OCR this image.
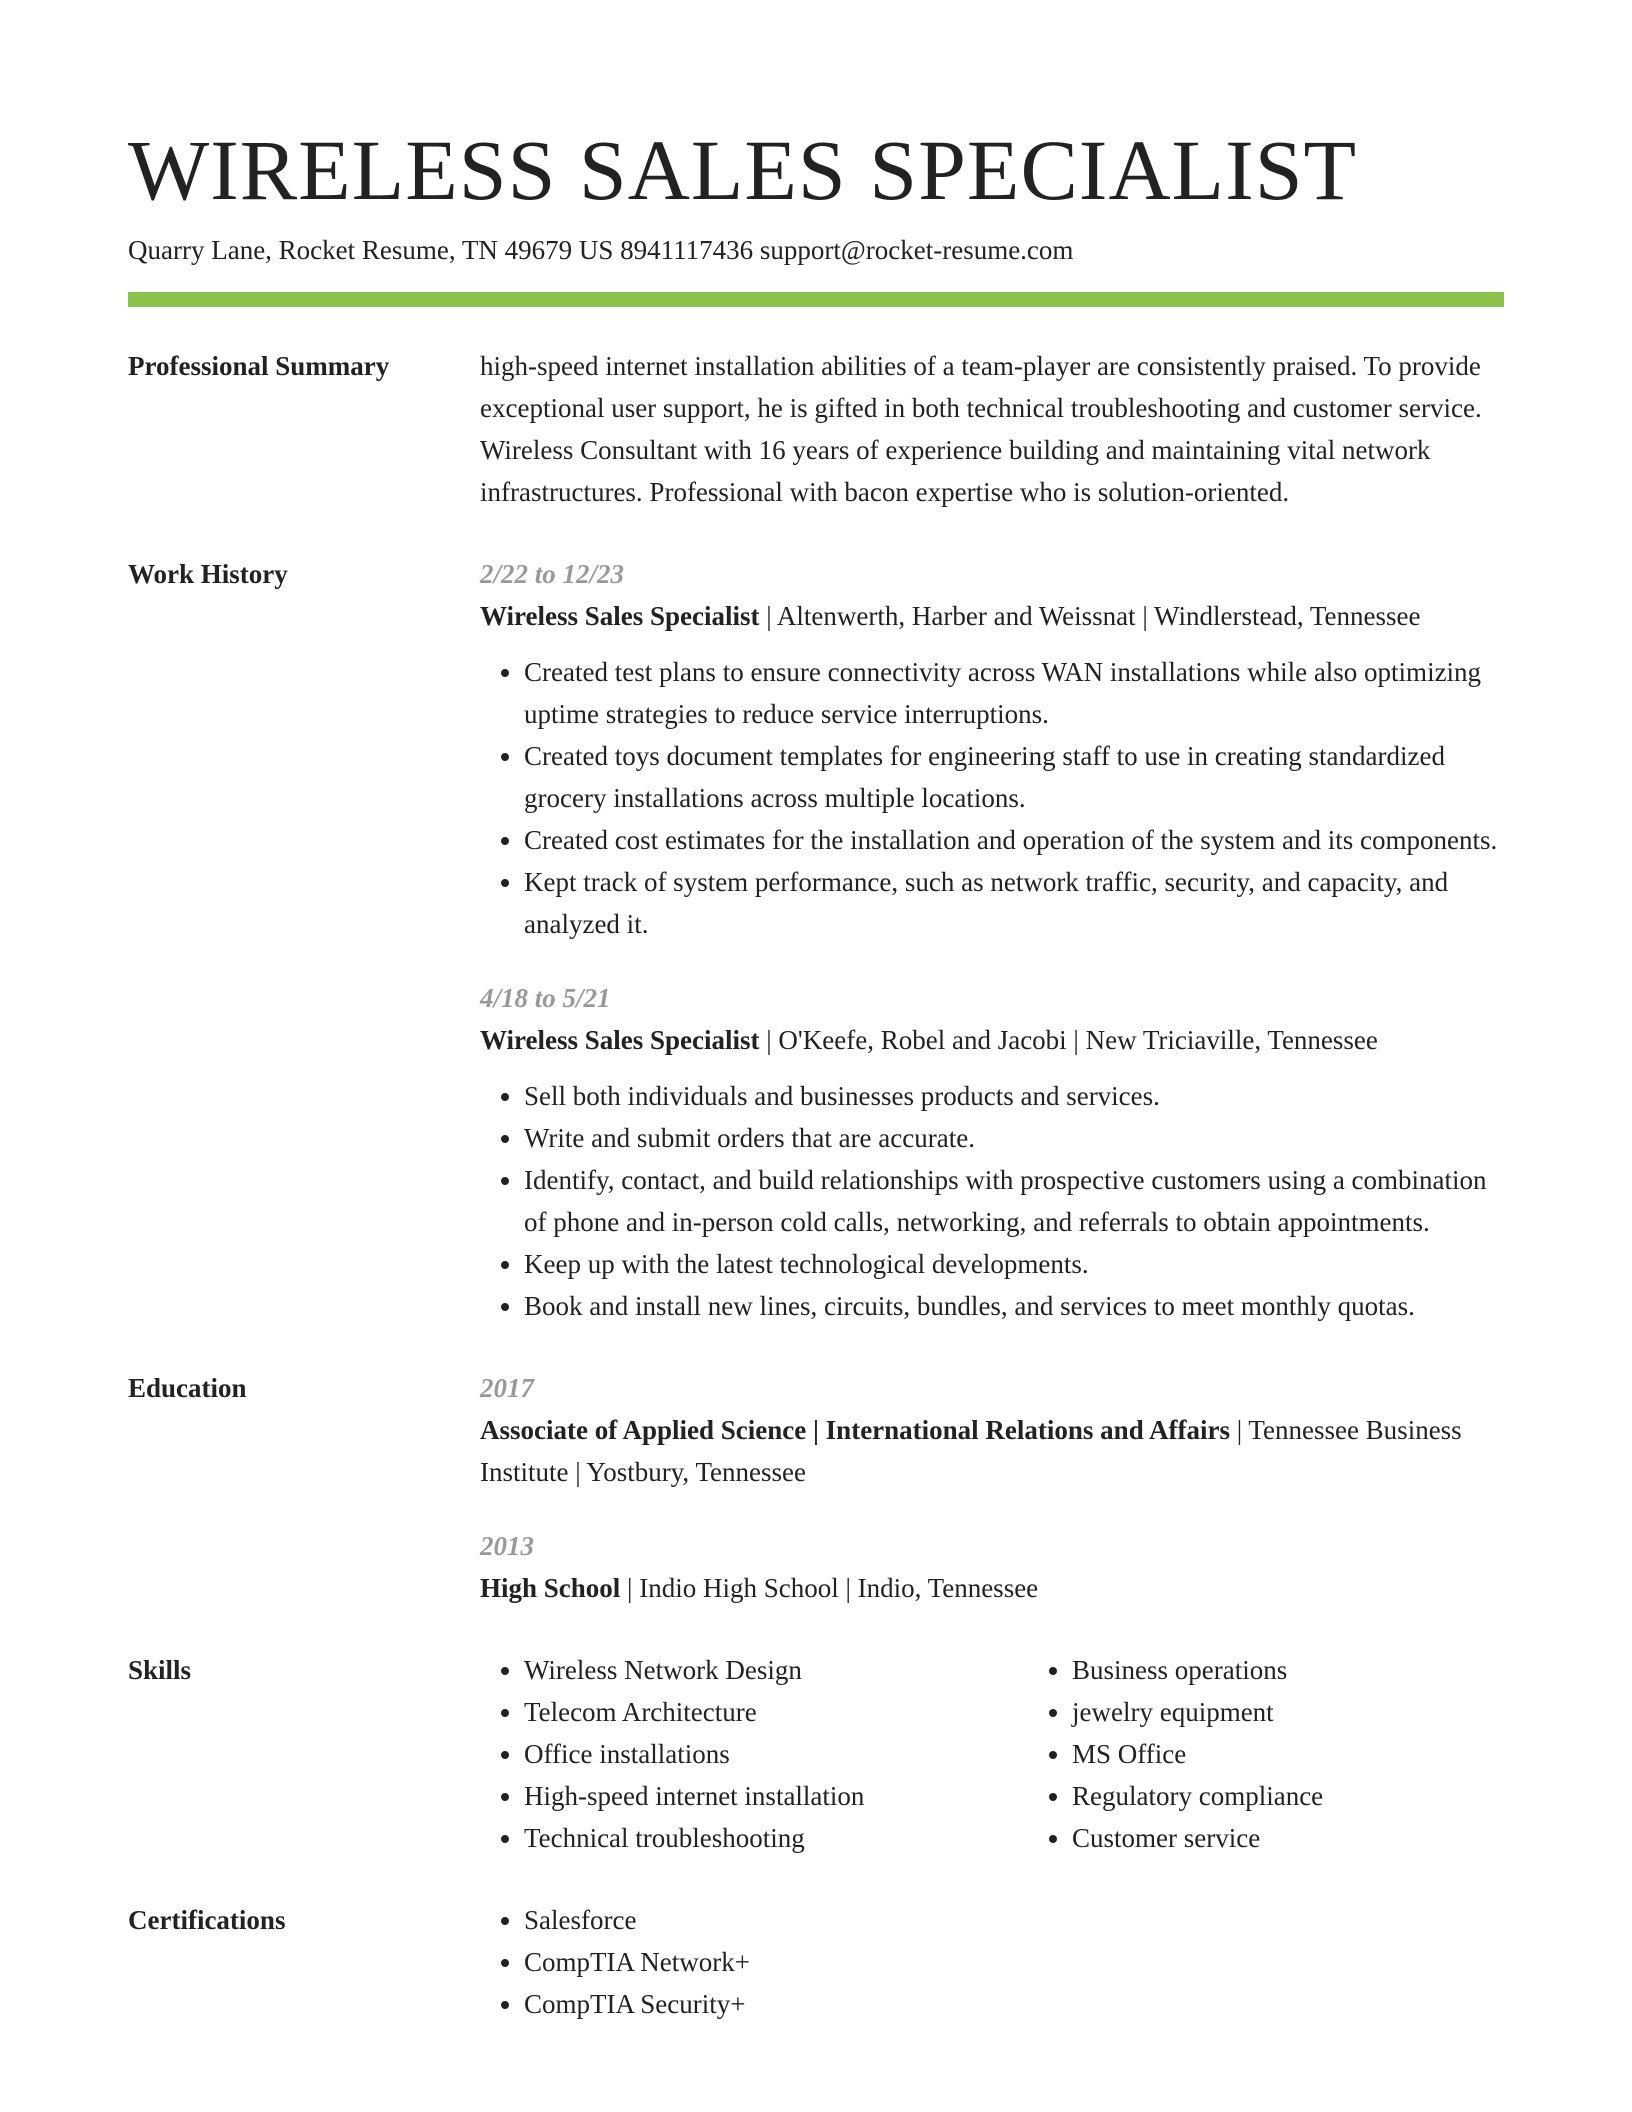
WIRELESS SALES SPECIALIST
Quarry Lane, Rocket Resume, TN 49679 US 8941117436 support@rocket-resume.com
Professional Summary	high-speed internet installation abilities of a team-player are consistently praised. To provide exceptional user support, he is gifted in both technical troubleshooting and customer service. Wireless Consultant with 16 years of experience building and maintaining vital network infrastructures. Professional with bacon expertise who is solution-oriented.

Work History	2/22 to 12/23
Wireless Sales Specialist | Altenwerth, Harber and Weissnat | Windlerstead, Tennessee
• Created test plans to ensure connectivity across WAN installations while also optimizing uptime strategies to reduce service interruptions.
• Created toys document templates for engineering staff to use in creating standardized grocery installations across multiple locations.
• Created cost estimates for the installation and operation of the system and its components.
• Kept track of system performance, such as network traffic, security, and capacity, and analyzed it.
4/18 to 5/21
Wireless Sales Specialist | O'Keefe, Robel and Jacobi | New Triciaville, Tennessee
• Sell both individuals and businesses products and services.
• Write and submit orders that are accurate.
• Identify, contact, and build relationships with prospective customers using a combination of phone and in-person cold calls, networking, and referrals to obtain appointments.
• Keep up with the latest technological developments.
• Book and install new lines, circuits, bundles, and services to meet monthly quotas.
Education	2017
Associate of Applied Science | International Relations and Affairs | Tennessee Business Institute | Yostbury, Tennessee
2013
High School | Indio High School | Indio, Tennessee
Skills	• Wireless Network Design
• Telecom Architecture
• Office installations
• High-speed internet installation
• Technical troubleshooting
• Business operations
• jewelry equipment
• MS Office
• Regulatory compliance
• Customer service
Certifications	• Salesforce
• CompTIA Network+
• CompTIA Security+
